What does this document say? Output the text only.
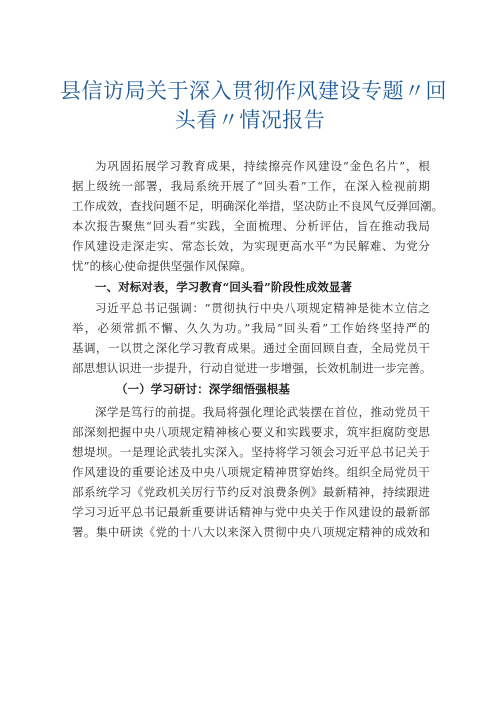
县信访局关于深入贯彻作风建设专题〃回
头看〃情况报告
为巩固拓展学习教育成果，持续擦亮作风建设“金色名片”，根
据上级统一部署，我局系统开展了“回头看”工作，在深入检视前期
工作成效，查找问题不足，明确深化举措，坚决防止不良风气反弹回潮。
本次报告聚焦“回头看”实践，全面梳理、分析评估，旨在推动我局
作风建设走深走实、常态长效，为实现更高水平“为民解难、为党分
忧”的核心使命提供坚强作风保障。
一、对标对表，学习教育“回头看”阶段性成效显著
习近平总书记强调：“贯彻执行中央八项规定精神是徙木立信之
举，必须常抓不懈、久久为功。”我局“回头看”工作始终坚持严的
基调，一以贯之深化学习教育成果。通过全面回顾自查，全局党员干
部思想认识进一步提升，行动自觉进一步增强，长效机制进一步完善。
（一）学习研讨：深学细悟强根基
深学是笃行的前提。我局将强化理论武装摆在首位，推动党员干
部深刻把握中央八项规定精神核心要义和实践要求，筑牢拒腐防变思
想堤坝。一是理论武装扎实深入。坚持将学习领会习近平总书记关于
作风建设的重要论述及中央八项规定精神贯穿始终。组织全局党员干
部系统学习《党政机关厉行节约反对浪费条例》最新精神，持续跟进
学习习近平总书记最新重要讲话精神与党中央关于作风建设的最新部
署。集中研读《党的十八大以来深入贯彻中央八项规定精神的成效和
